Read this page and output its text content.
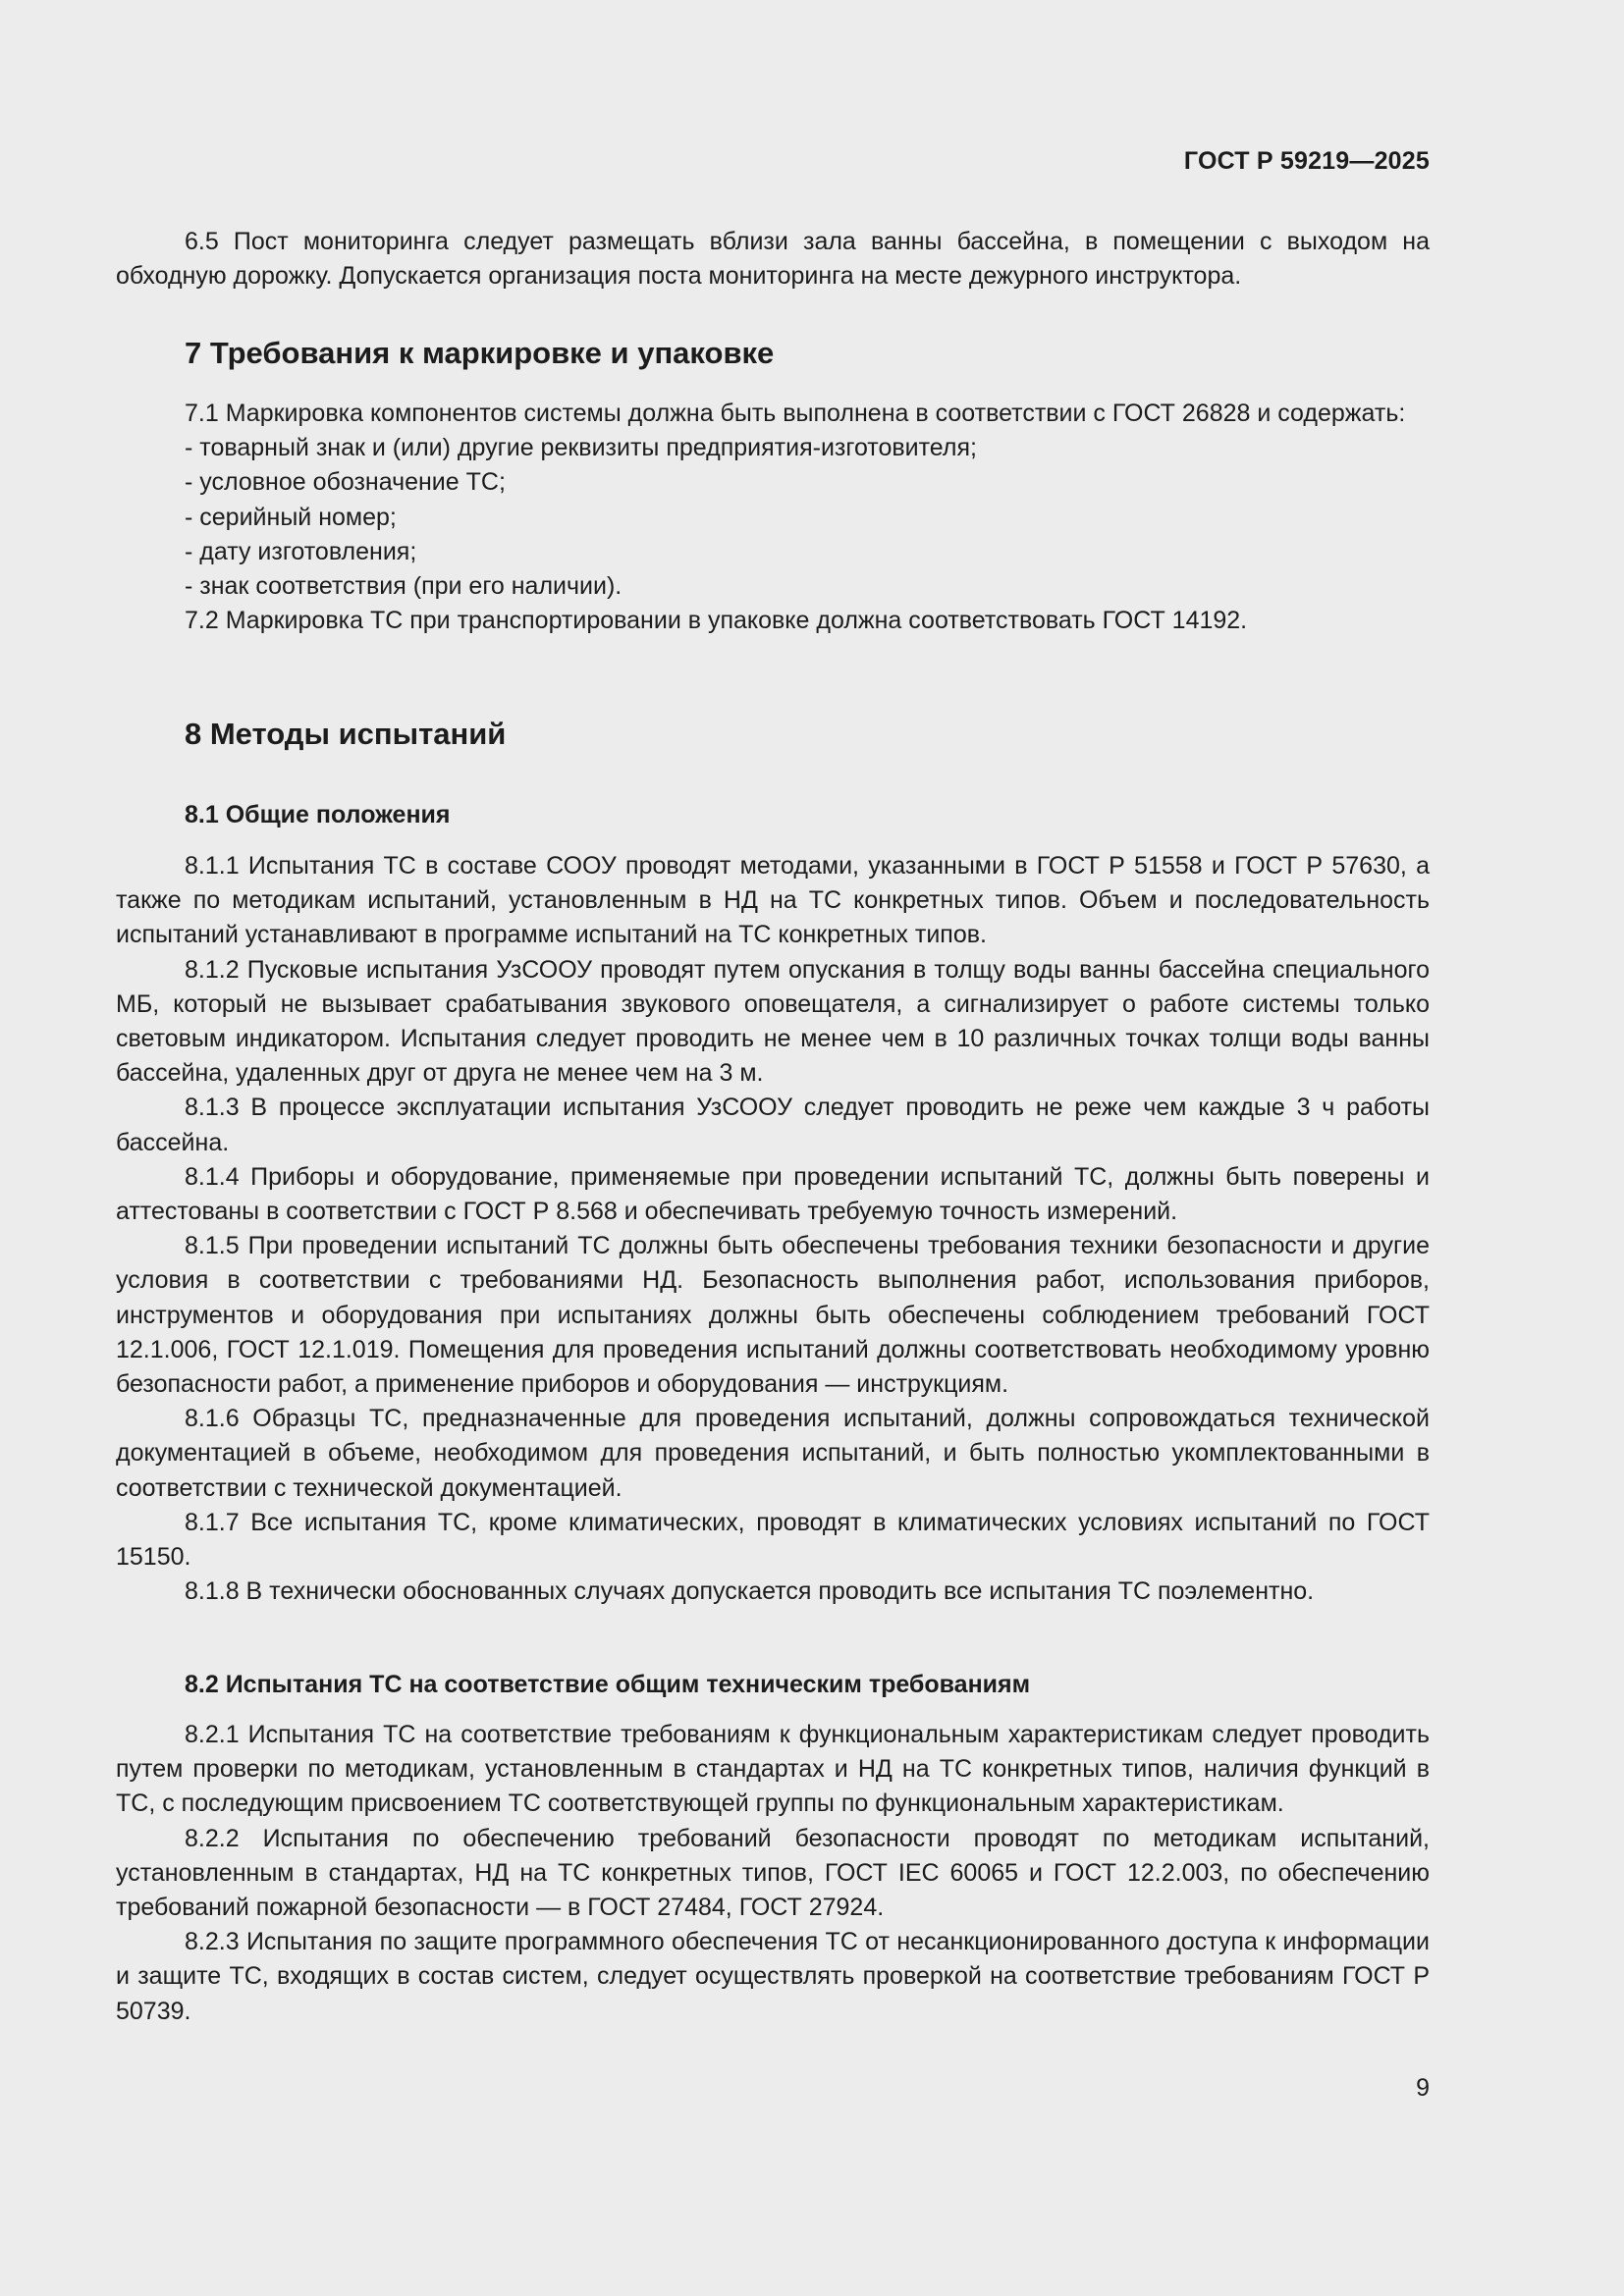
ГОСТ Р 59219—2025

6.5 Пост мониторинга следует размещать вблизи зала ванны бассейна, в помещении с выходом на обходную дорожку. Допускается организация поста мониторинга на месте дежурного инструктора.

7 Требования к маркировке и упаковке

7.1 Маркировка компонентов системы должна быть выполнена в соответствии с ГОСТ 26828 и содержать:

- товарный знак и (или) другие реквизиты предприятия-изготовителя;

- условное обозначение ТС;

- серийный номер;

- дату изготовления;

- знак соответствия (при его наличии).

7.2 Маркировка ТС при транспортировании в упаковке должна соответствовать ГОСТ 14192.

8 Методы испытаний
8.1 Общие положения

8.1.1 Испытания ТС в составе СООУ проводят методами, указанными в ГОСТ Р 51558 и ГОСТ Р 57630, а также по методикам испытаний, установленным в НД на ТС конкретных типов. Объем и последовательность испытаний устанавливают в программе испытаний на ТС конкретных типов.

8.1.2 Пусковые испытания УзСООУ проводят путем опускания в толщу воды ванны бассейна специального МБ, который не вызывает срабатывания звукового оповещателя, а сигнализирует о работе системы только световым индикатором. Испытания следует проводить не менее чем в 10 различных точках толщи воды ванны бассейна, удаленных друг от друга не менее чем на 3 м.

8.1.3 В процессе эксплуатации испытания УзСООУ следует проводить не реже чем каждые 3 ч работы бассейна.

8.1.4 Приборы и оборудование, применяемые при проведении испытаний ТС, должны быть поверены и аттестованы в соответствии с ГОСТ Р 8.568 и обеспечивать требуемую точность измерений.

8.1.5 При проведении испытаний ТС должны быть обеспечены требования техники безопасности и другие условия в соответствии с требованиями НД. Безопасность выполнения работ, использования приборов, инструментов и оборудования при испытаниях должны быть обеспечены соблюдением требований ГОСТ 12.1.006, ГОСТ 12.1.019. Помещения для проведения испытаний должны соответствовать необходимому уровню безопасности работ, а применение приборов и оборудования — инструкциям.

8.1.6 Образцы ТС, предназначенные для проведения испытаний, должны сопровождаться технической документацией в объеме, необходимом для проведения испытаний, и быть полностью укомплектованными в соответствии с технической документацией.

8.1.7 Все испытания ТС, кроме климатических, проводят в климатических условиях испытаний по ГОСТ 15150.

8.1.8 В технически обоснованных случаях допускается проводить все испытания ТС поэлементно.

8.2 Испытания ТС на соответствие общим техническим требованиям

8.2.1 Испытания ТС на соответствие требованиям к функциональным характеристикам следует проводить путем проверки по методикам, установленным в стандартах и НД на ТС конкретных типов, наличия функций в ТС, с последующим присвоением ТС соответствующей группы по функциональным характеристикам.

8.2.2 Испытания по обеспечению требований безопасности проводят по методикам испытаний, установленным в стандартах, НД на ТС конкретных типов, ГОСТ IEC 60065 и ГОСТ 12.2.003, по обеспечению требований пожарной безопасности — в ГОСТ 27484, ГОСТ 27924.

8.2.3 Испытания по защите программного обеспечения ТС от несанкционированного доступа к информации и защите ТС, входящих в состав систем, следует осуществлять проверкой на соответствие требованиям ГОСТ Р 50739.

9
